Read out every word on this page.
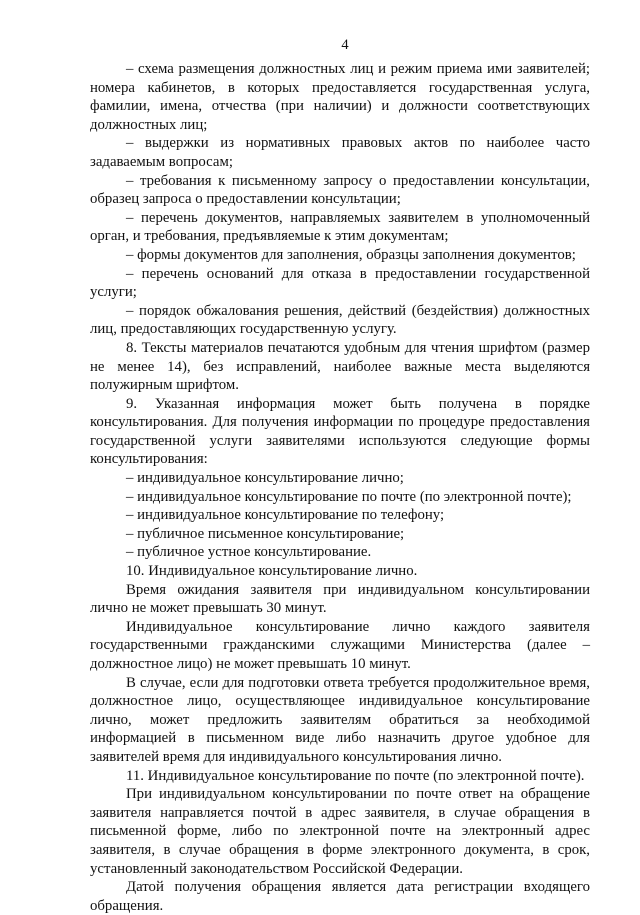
4

– схема размещения должностных лиц и режим приема ими заявителей; номера кабинетов, в которых предоставляется государственная услуга, фамилии, имена, отчества (при наличии) и должности соответствующих должностных лиц;

– выдержки из нормативных правовых актов по наиболее часто задаваемым вопросам;

– требования к письменному запросу о предоставлении консультации, образец запроса о предоставлении консультации;

– перечень документов, направляемых заявителем в уполномоченный орган, и требования, предъявляемые к этим документам;

– формы документов для заполнения, образцы заполнения документов;

– перечень оснований для отказа в предоставлении государственной услуги;

– порядок обжалования решения, действий (бездействия) должностных лиц, предоставляющих государственную услугу.

8. Тексты материалов печатаются удобным для чтения шрифтом (размер не менее 14), без исправлений, наиболее важные места выделяются полужирным шрифтом.

9. Указанная информация может быть получена в порядке консультирования. Для получения информации по процедуре предоставления государственной услуги заявителями используются следующие формы консультирования:

– индивидуальное консультирование лично;

– индивидуальное консультирование по почте (по электронной почте);

– индивидуальное консультирование по телефону;

– публичное письменное консультирование;

– публичное устное консультирование.

10. Индивидуальное консультирование лично.

Время ожидания заявителя при индивидуальном консультировании лично не может превышать 30 минут.

Индивидуальное консультирование лично каждого заявителя государственными гражданскими служащими Министерства (далее – должностное лицо) не может превышать 10 минут.

В случае, если для подготовки ответа требуется продолжительное время, должностное лицо, осуществляющее индивидуальное консультирование лично, может предложить заявителям обратиться за необходимой информацией в письменном виде либо назначить другое удобное для заявителей время для индивидуального консультирования лично.

11. Индивидуальное консультирование по почте (по электронной почте).

При индивидуальном консультировании по почте ответ на обращение заявителя направляется почтой в адрес заявителя, в случае обращения в письменной форме, либо по электронной почте на электронный адрес заявителя, в случае обращения в форме электронного документа, в срок, установленный законодательством Российской Федерации.

Датой получения обращения является дата регистрации входящего обращения.
